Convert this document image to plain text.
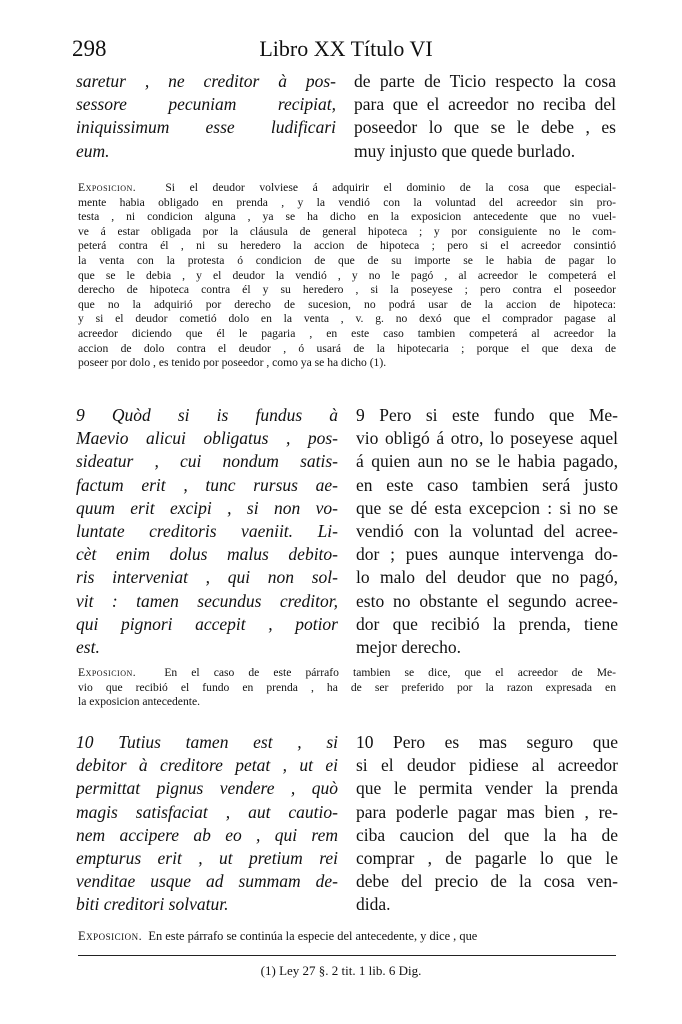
298	Libro XX Título VI
saretur , ne creditor à pos-
sessore pecuniam recipiat,
iniquissimum esse ludificari
eum.
de parte de Ticio respecto la cosa
para que el acreedor no reciba del
poseedor lo que se le debe , es
muy injusto que quede burlado.
Exposicion.	Si el deudor volviese á adquirir el dominio de la cosa que especial-
mente habia obligado en prenda , y la vendió con la voluntad del acreedor sin pro-
testa , ni condicion alguna , ya se ha dicho en la exposicion antecedente que no vuel-
ve á estar obligada por la cláusula de general hipoteca ; y por consiguiente no le com-
peterá contra él , ni su heredero la accion de hipoteca ; pero si el acreedor consintió
la venta con la protesta ó condicion de que de su importe se le habia de pagar lo
que se le debia , y el deudor la vendió , y no le pagó , al acreedor le competerá el
derecho de hipoteca contra él y su heredero , si la poseyese ; pero contra el poseedor
que no la adquirió por derecho de sucesion, no podrá usar de la accion de hipoteca:
y si el deudor cometió dolo en la venta , v. g. no dexó que el comprador pagase al
acreedor diciendo que él le pagaria , en este caso tambien competerá al acreedor la
accion de dolo contra el deudor , ó usará de la hipotecaria ; porque el que dexa de
poseer por dolo , es tenido por poseedor , como ya se ha dicho (1).
9 Quòd si is fundus à
Maevio alicui obligatus , pos-
sideatur , cui nondum satis-
factum erit , tunc rursus ae-
quum erit excipi , si non vo-
luntate creditoris vaeniit. Li-
cèt enim dolus malus debito-
ris interveniat , qui non sol-
vit : tamen secundus creditor,
qui pignori accepit , potior
est.
9 Pero si este fundo que Me-
vio obligó á otro, lo poseyese aquel
á quien aun no se le habia pagado,
en este caso tambien será justo
que se dé esta excepcion : si no se
vendió con la voluntad del acree-
dor ; pues aunque intervenga do-
lo malo del deudor que no pagó,
esto no obstante el segundo acree-
dor que recibió la prenda, tiene
mejor derecho.
Exposicion. En el caso de este párrafo tambien se dice, que el acreedor de Me-
vio que recibió el fundo en prenda , ha de ser preferido por la razon expresada en
la exposicion antecedente.
10 Tutius tamen est , si
debitor à creditore petat , ut ei
permittat pignus vendere , quò
magis satisfaciat , aut cautio-
nem accipere ab eo , qui rem
empturus erit , ut pretium rei
venditae usque ad summam de-
biti creditori solvatur.
10 Pero es mas seguro que
si el deudor pidiese al acreedor
que le permita vender la prenda
para poderle pagar mas bien , re-
ciba caucion del que la ha de
comprar , de pagarle lo que le
debe del precio de la cosa ven-
dida.
Exposicion. En este párrafo se continúa la especie del antecedente, y dice , que
(1) Ley 27 §. 2 tit. 1 lib. 6 Dig.
